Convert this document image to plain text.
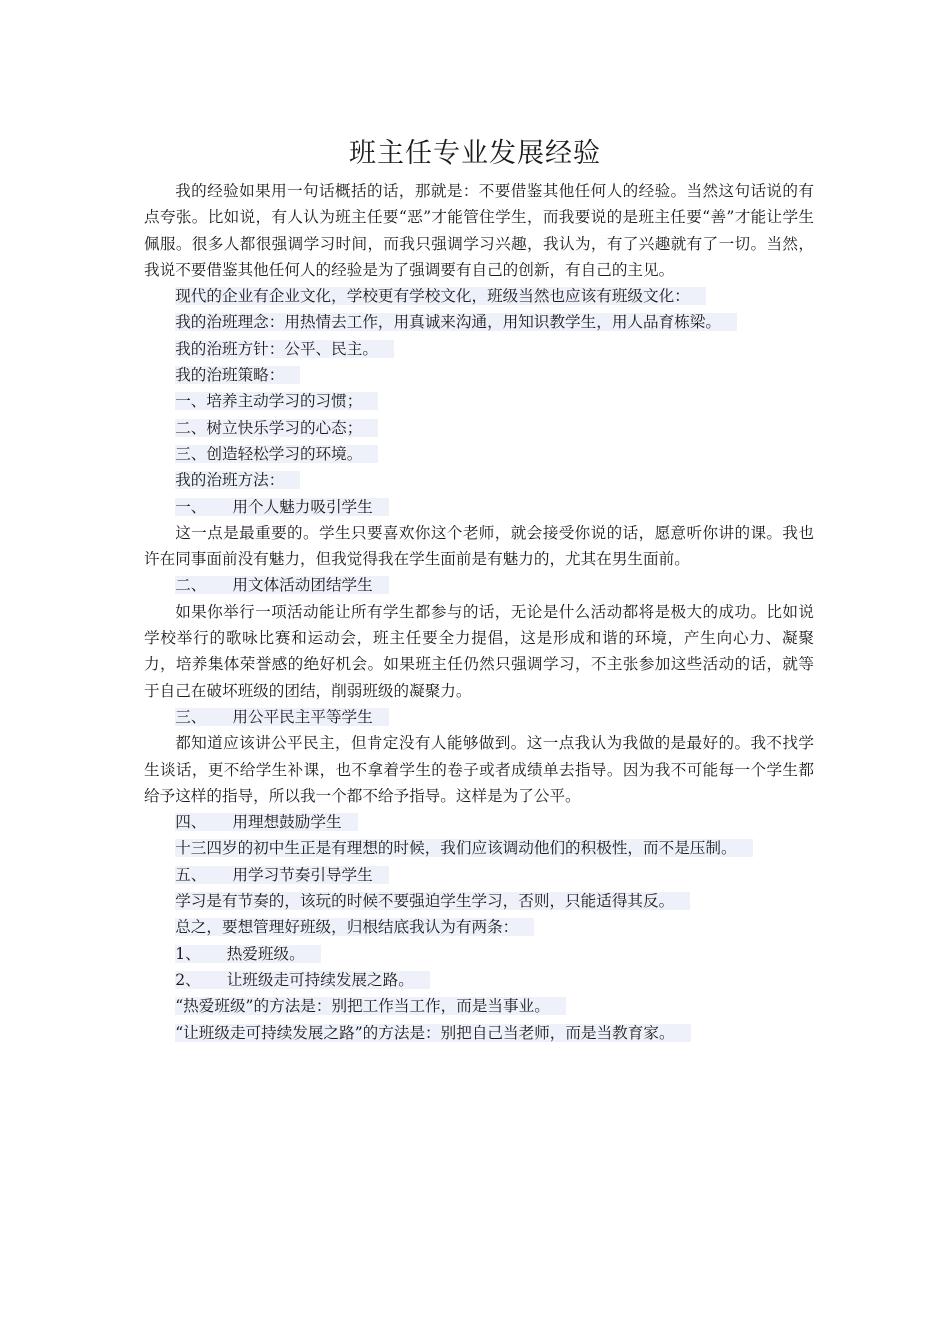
班主任专业发展经验

我的经验如果用一句话概括的话，那就是：不要借鉴其他任何人的经验。当然这句话说的有点夸张。比如说，有人认为班主任要“恶”才能管住学生，而我要说的是班主任要“善”才能让学生佩服。很多人都很强调学习时间，而我只强调学习兴趣，我认为，有了兴趣就有了一切。当然，我说不要借鉴其他任何人的经验是为了强调要有自己的创新，有自己的主见。

现代的企业有企业文化，学校更有学校文化，班级当然也应该有班级文化：

我的治班理念：用热情去工作，用真诚来沟通，用知识教学生，用人品育栋梁。

我的治班方针：公平、民主。

我的治班策略：

一、培养主动学习的习惯；

二、树立快乐学习的心态；

三、创造轻松学习的环境。

我的治班方法：

一、 用个人魅力吸引学生

这一点是最重要的。学生只要喜欢你这个老师，就会接受你说的话，愿意听你讲的课。我也许在同事面前没有魅力，但我觉得我在学生面前是有魅力的，尤其在男生面前。

二、 用文体活动团结学生

如果你举行一项活动能让所有学生都参与的话，无论是什么活动都将是极大的成功。比如说学校举行的歌咏比赛和运动会，班主任要全力提倡，这是形成和谐的环境，产生向心力、凝聚力，培养集体荣誉感的绝好机会。如果班主任仍然只强调学习，不主张参加这些活动的话，就等于自己在破坏班级的团结，削弱班级的凝聚力。

三、 用公平民主平等学生

都知道应该讲公平民主，但肯定没有人能够做到。这一点我认为我做的是最好的。我不找学生谈话，更不给学生补课，也不拿着学生的卷子或者成绩单去指导。因为我不可能每一个学生都给予这样的指导，所以我一个都不给予指导。这样是为了公平。

四、 用理想鼓励学生

十三四岁的初中生正是有理想的时候，我们应该调动他们的积极性，而不是压制。

五、 用学习节奏引导学生

学习是有节奏的，该玩的时候不要强迫学生学习，否则，只能适得其反。

总之，要想管理好班级，归根结底我认为有两条：

1、 热爱班级。

2、 让班级走可持续发展之路。

“热爱班级”的方法是：别把工作当工作，而是当事业。

“让班级走可持续发展之路”的方法是：别把自己当老师，而是当教育家。
